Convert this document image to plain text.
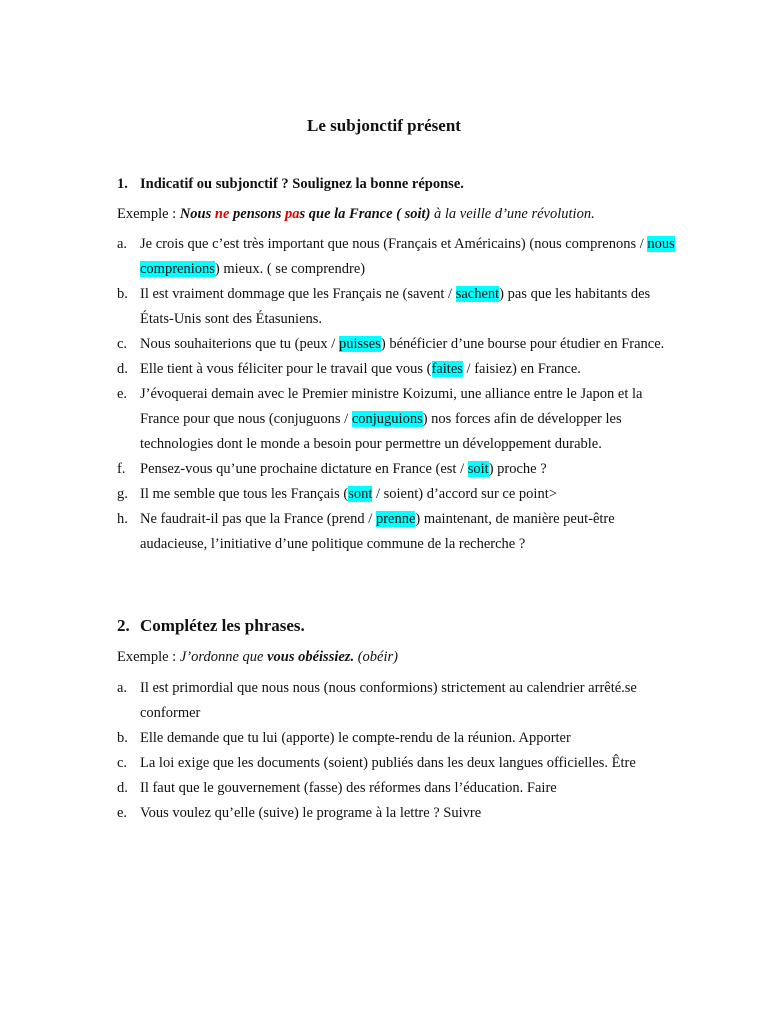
Le subjonctif présent

1. Indicatif ou subjonctif ? Soulignez la bonne réponse.

Exemple : Nous ne pensons pas que la France ( soit) à la veille d’une révolution.

a. Je crois que c’est très important que nous (Français et Américains) (nous comprenons / nous comprenions) mieux. ( se comprendre)
b. Il est vraiment dommage que les Français ne (savent / sachent) pas que les habitants des États-Unis sont des Étasuniens.
c. Nous souhaiterions que tu (peux / puisses) bénéficier d’une bourse pour étudier en France.
d. Elle tient à vous féliciter pour le travail que vous (faites / faisiez) en France.
e. J’évoquerai demain avec le Premier ministre Koizumi, une alliance entre le Japon et la France pour que nous (conjuguons / conjuguions) nos forces afin de développer les technologies dont le monde a besoin pour permettre un développement durable.
f. Pensez-vous qu’une prochaine dictature en France (est / soit) proche ?
g. Il me semble que tous les Français (sont / soient) d’accord sur ce point>
h. Ne faudrait-il pas que la France (prend / prenne) maintenant, de manière peut-être audacieuse, l’initiative d’une politique commune de la recherche ?

2. Complétez les phrases.

Exemple : J’ordonne que vous obéissiez. (obéir)

a. Il est primordial que nous nous (nous conformions) strictement au calendrier arrêté.se conformer
b. Elle demande que tu lui (apporte) le compte-rendu de la réunion. Apporter
c. La loi exige que les documents (soient) publiés dans les deux langues officielles. Être
d. Il faut que le gouvernement (fasse) des réformes dans l’éducation. Faire
e. Vous voulez qu’elle (suive) le programe à la lettre ? Suivre
